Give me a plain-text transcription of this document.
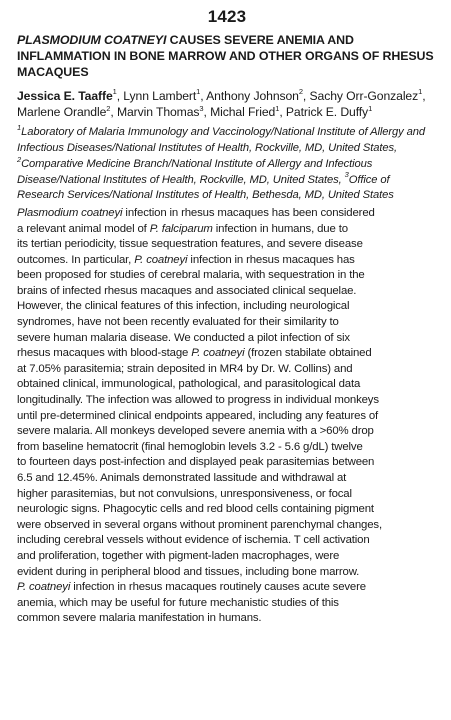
1423
PLASMODIUM COATNEYI CAUSES SEVERE ANEMIA AND INFLAMMATION IN BONE MARROW AND OTHER ORGANS OF RHESUS MACAQUES
Jessica E. Taaffe$^1$, Lynn Lambert$^1$, Anthony Johnson$^2$, Sachy Orr-Gonzalez$^1$, Marlene Orandle$^2$, Marvin Thomas$^3$, Michal Fried$^1$, Patrick E. Duffy$^1$
$^1$Laboratory of Malaria Immunology and Vaccinology/National Institute of Allergy and Infectious Diseases/National Institutes of Health, Rockville, MD, United States, $^2$Comparative Medicine Branch/National Institute of Allergy and Infectious Disease/National Institutes of Health, Rockville, MD, United States, $^3$Office of Research Services/National Institutes of Health, Bethesda, MD, United States
Plasmodium coatneyi infection in rhesus macaques has been considered
a relevant animal model of P. falciparum infection in humans, due to
its tertian periodicity, tissue sequestration features, and severe disease
outcomes. In particular, P. coatneyi infection in rhesus macaques has
been proposed for studies of cerebral malaria, with sequestration in the
brains of infected rhesus macaques and associated clinical sequelae.
However, the clinical features of this infection, including neurological
syndromes, have not been recently evaluated for their similarity to
severe human malaria disease. We conducted a pilot infection of six
rhesus macaques with blood-stage P. coatneyi (frozen stabilate obtained
at 7.05% parasitemia; strain deposited in MR4 by Dr. W. Collins) and
obtained clinical, immunological, pathological, and parasitological data
longitudinally. The infection was allowed to progress in individual monkeys
until pre-determined clinical endpoints appeared, including any features of
severe malaria. All monkeys developed severe anemia with a >60% drop
from baseline hematocrit (final hemoglobin levels 3.2 - 5.6 g/dL) twelve
to fourteen days post-infection and displayed peak parasitemias between
6.5 and 12.45%. Animals demonstrated lassitude and withdrawal at
higher parasitemias, but not convulsions, unresponsiveness, or focal
neurologic signs. Phagocytic cells and red blood cells containing pigment
were observed in several organs without prominent parenchymal changes,
including cerebral vessels without evidence of ischemia. T cell activation
and proliferation, together with pigment-laden macrophages, were
evident during in peripheral blood and tissues, including bone marrow.
P. coatneyi infection in rhesus macaques routinely causes acute severe
anemia, which may be useful for future mechanistic studies of this
common severe malaria manifestation in humans.
